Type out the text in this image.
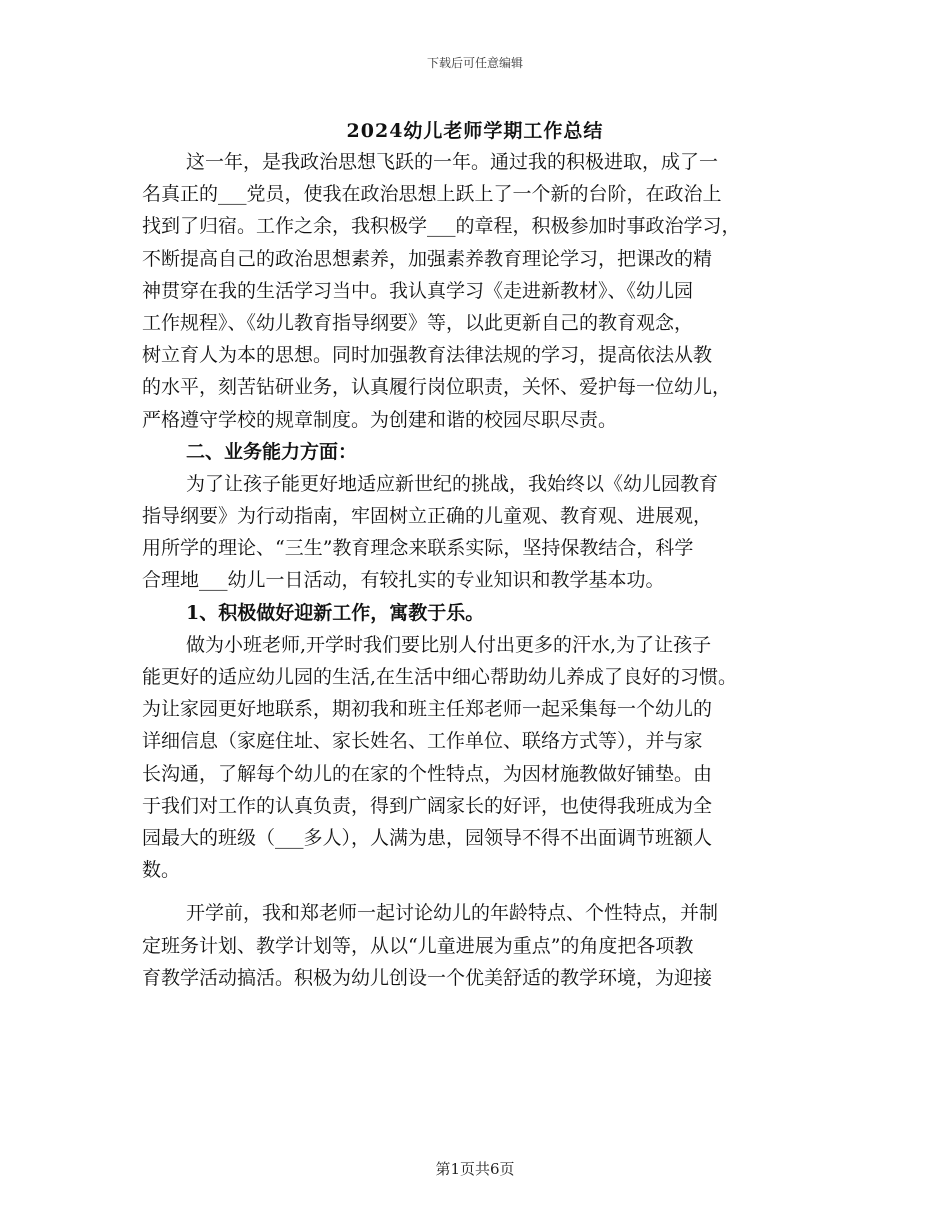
下载后可任意编辑
2024幼儿老师学期工作总结
这一年，是我政治思想飞跃的一年。通过我的积极进取，成了一
名真正的___党员，使我在政治思想上跃上了一个新的台阶，在政治上
找到了归宿。工作之余，我积极学___的章程，积极参加时事政治学习，
不断提高自己的政治思想素养，加强素养教育理论学习，把课改的精
神贯穿在我的生活学习当中。我认真学习《走进新教材》、《幼儿园
工作规程》、《幼儿教育指导纲要》等，以此更新自己的教育观念，
树立育人为本的思想。同时加强教育法律法规的学习，提高依法从教
的水平，刻苦钻研业务，认真履行岗位职责，关怀、爱护每一位幼儿，
严格遵守学校的规章制度。为创建和谐的校园尽职尽责。
二、业务能力方面：
为了让孩子能更好地适应新世纪的挑战，我始终以《幼儿园教育
指导纲要》为行动指南，牢固树立正确的儿童观、教育观、进展观，
用所学的理论、“三生”教育理念来联系实际，坚持保教结合，科学
合理地___幼儿一日活动，有较扎实的专业知识和教学基本功。
1、积极做好迎新工作，寓教于乐。
做为小班老师,开学时我们要比别人付出更多的汗水,为了让孩子
能更好的适应幼儿园的生活,在生活中细心帮助幼儿养成了良好的习惯。
为让家园更好地联系，期初我和班主任郑老师一起采集每一个幼儿的
详细信息（家庭住址、家长姓名、工作单位、联络方式等），并与家
长沟通，了解每个幼儿的在家的个性特点，为因材施教做好铺垫。由
于我们对工作的认真负责，得到广阔家长的好评，也使得我班成为全
园最大的班级（___多人），人满为患，园领导不得不出面调节班额人
数。
开学前，我和郑老师一起讨论幼儿的年龄特点、个性特点，并制
定班务计划、教学计划等，从以“儿童进展为重点”的角度把各项教
育教学活动搞活。积极为幼儿创设一个优美舒适的教学环境，为迎接
第1页共6页
